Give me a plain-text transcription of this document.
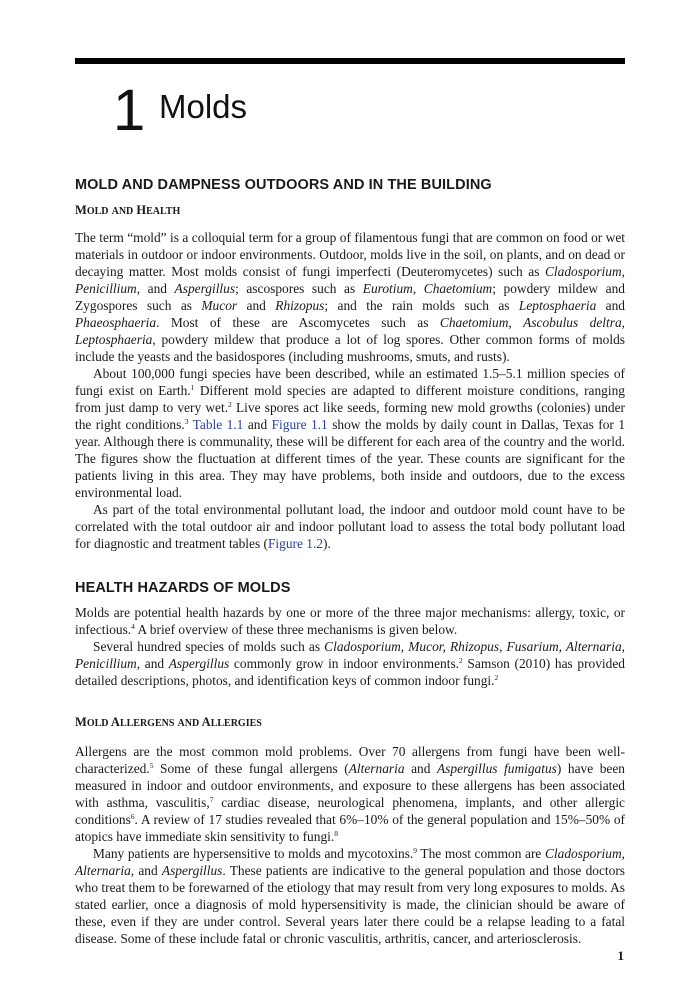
1 Molds
MOLD AND DAMPNESS OUTDOORS AND IN THE BUILDING
MOLD AND HEALTH

The term “mold” is a colloquial term for a group of filamentous fungi that are common on food or wet materials in outdoor or indoor environments. Outdoor, molds live in the soil, on plants, and on dead or decaying matter. Most molds consist of fungi imperfecti (Deuteromycetes) such as Cladosporium, Penicillium, and Aspergillus; ascospores such as Eurotium, Chaetomium; powdery mildew and Zygospores such as Mucor and Rhizopus; and the rain molds such as Leptosphaeria and Phaeosphaeria. Most of these are Ascomycetes such as Chaetomium, Ascobulus deltra, Leptosphaeria, powdery mildew that produce a lot of log spores. Other common forms of molds include the yeasts and the basidospores (including mushrooms, smuts, and rusts).

About 100,000 fungi species have been described, while an estimated 1.5–5.1 million species of fungi exist on Earth.$^1$ Different mold species are adapted to different moisture conditions, ranging from just damp to very wet.$^2$ Live spores act like seeds, forming new mold growths (colonies) under the right conditions.$^3$ Table 1.1 and Figure 1.1 show the molds by daily count in Dallas, Texas for 1 year. Although there is communality, these will be different for each area of the country and the world. The figures show the fluctuation at different times of the year. These counts are significant for the patients living in this area. They may have problems, both inside and outdoors, due to the excess environmental load.

As part of the total environmental pollutant load, the indoor and outdoor mold count have to be correlated with the total outdoor air and indoor pollutant load to assess the total body pollutant load for diagnostic and treatment tables (Figure 1.2).

HEALTH HAZARDS OF MOLDS

Molds are potential health hazards by one or more of the three major mechanisms: allergy, toxic, or infectious.$^4$ A brief overview of these three mechanisms is given below.

Several hundred species of molds such as Cladosporium, Mucor, Rhizopus, Fusarium, Alternaria, Penicillium, and Aspergillus commonly grow in indoor environments.$^2$ Samson (2010) has provided detailed descriptions, photos, and identification keys of common indoor fungi.$^2$

MOLD ALLERGENS AND ALLERGIES

Allergens are the most common mold problems. Over 70 allergens from fungi have been well-characterized.$^5$ Some of these fungal allergens (Alternaria and Aspergillus fumigatus) have been measured in indoor and outdoor environments, and exposure to these allergens has been associated with asthma, vasculitis,$^7$ cardiac disease, neurological phenomena, implants, and other allergic conditions$^6$. A review of 17 studies revealed that 6%–10% of the general population and 15%–50% of atopics have immediate skin sensitivity to fungi.$^8$

Many patients are hypersensitive to molds and mycotoxins.$^9$ The most common are Cladosporium, Alternaria, and Aspergillus. These patients are indicative to the general population and those doctors who treat them to be forewarned of the etiology that may result from very long exposures to molds. As stated earlier, once a diagnosis of mold hypersensitivity is made, the clinician should be aware of these, even if they are under control. Several years later there could be a relapse leading to a fatal disease. Some of these include fatal or chronic vasculitis, arthritis, cancer, and arteriosclerosis.

1
